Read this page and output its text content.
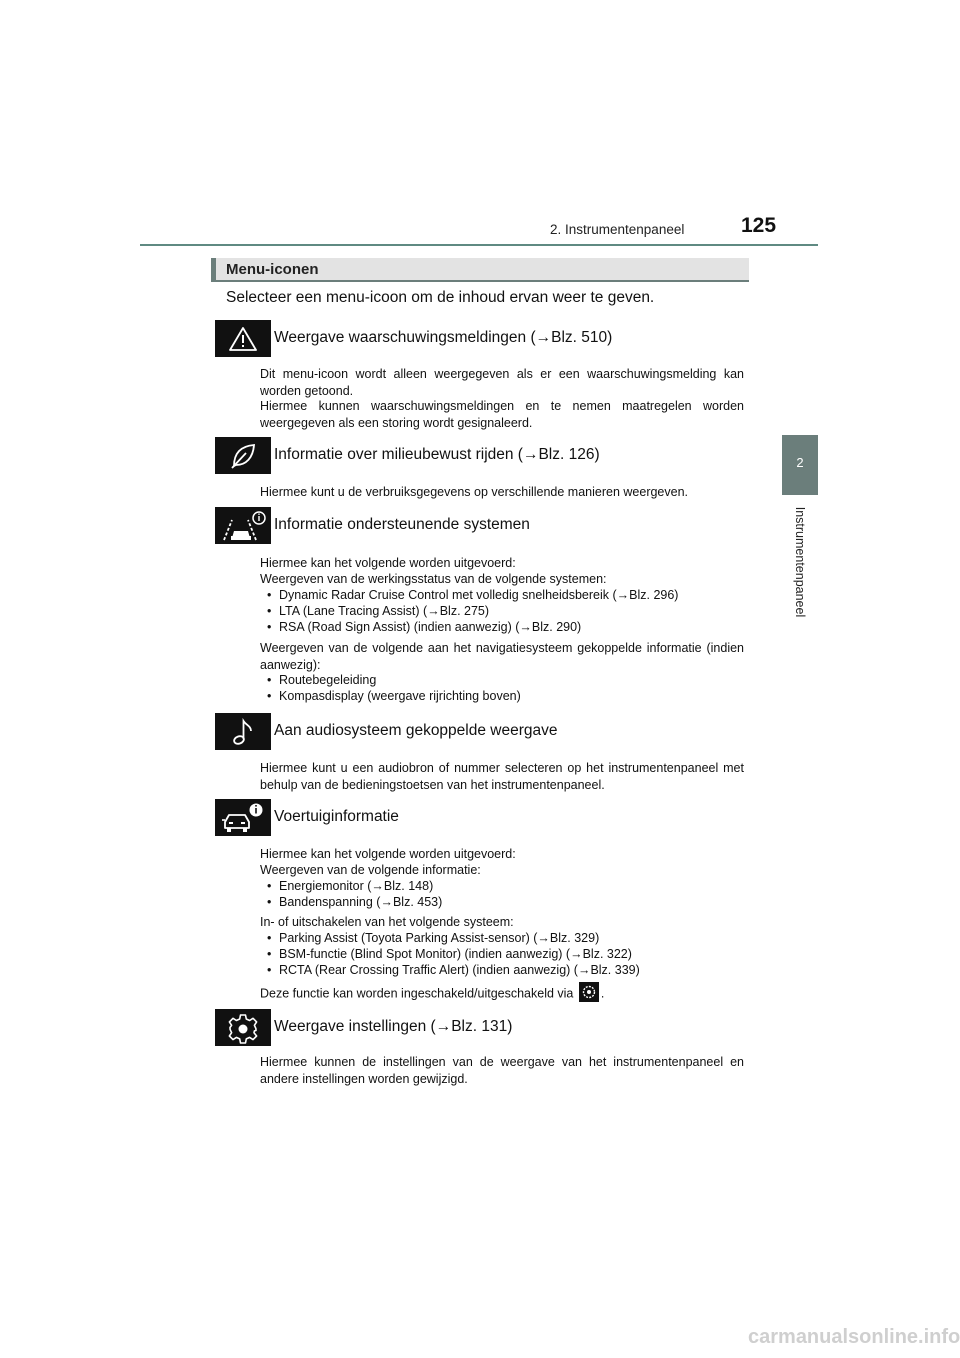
2. Instrumentenpaneel	125
2
Instrumentenpaneel
Menu-iconen
Selecteer een menu-icoon om de inhoud ervan weer te geven.
Weergave waarschuwingsmeldingen (→Blz. 510)
Dit menu-icoon wordt alleen weergegeven als er een waarschuwingsmelding kan worden getoond.
Hiermee kunnen waarschuwingsmeldingen en te nemen maatregelen worden weergegeven als een storing wordt gesignaleerd.
Informatie over milieubewust rijden (→Blz. 126)
Hiermee kunt u de verbruiksgegevens op verschillende manieren weergeven.
Informatie ondersteunende systemen
Hiermee kan het volgende worden uitgevoerd:
Weergeven van de werkingsstatus van de volgende systemen:
• Dynamic Radar Cruise Control met volledig snelheidsbereik (→Blz. 296)
• LTA (Lane Tracing Assist) (→Blz. 275)
• RSA (Road Sign Assist) (indien aanwezig) (→Blz. 290)
Weergeven van de volgende aan het navigatiesysteem gekoppelde informatie (indien aanwezig):
• Routebegeleiding
• Kompasdisplay (weergave rijrichting boven)
Aan audiosysteem gekoppelde weergave
Hiermee kunt u een audiobron of nummer selecteren op het instrumentenpaneel met behulp van de bedieningstoetsen van het instrumentenpaneel.
Voertuiginformatie
Hiermee kan het volgende worden uitgevoerd:
Weergeven van de volgende informatie:
• Energiemonitor (→Blz. 148)
• Bandenspanning (→Blz. 453)
In- of uitschakelen van het volgende systeem:
• Parking Assist (Toyota Parking Assist-sensor) (→Blz. 329)
• BSM-functie (Blind Spot Monitor) (indien aanwezig) (→Blz. 322)
• RCTA (Rear Crossing Traffic Alert) (indien aanwezig) (→Blz. 339)
Deze functie kan worden ingeschakeld/uitgeschakeld via .
Weergave instellingen (→Blz. 131)
Hiermee kunnen de instellingen van de weergave van het instrumentenpaneel en andere instellingen worden gewijzigd.
carmanualsonline.info
